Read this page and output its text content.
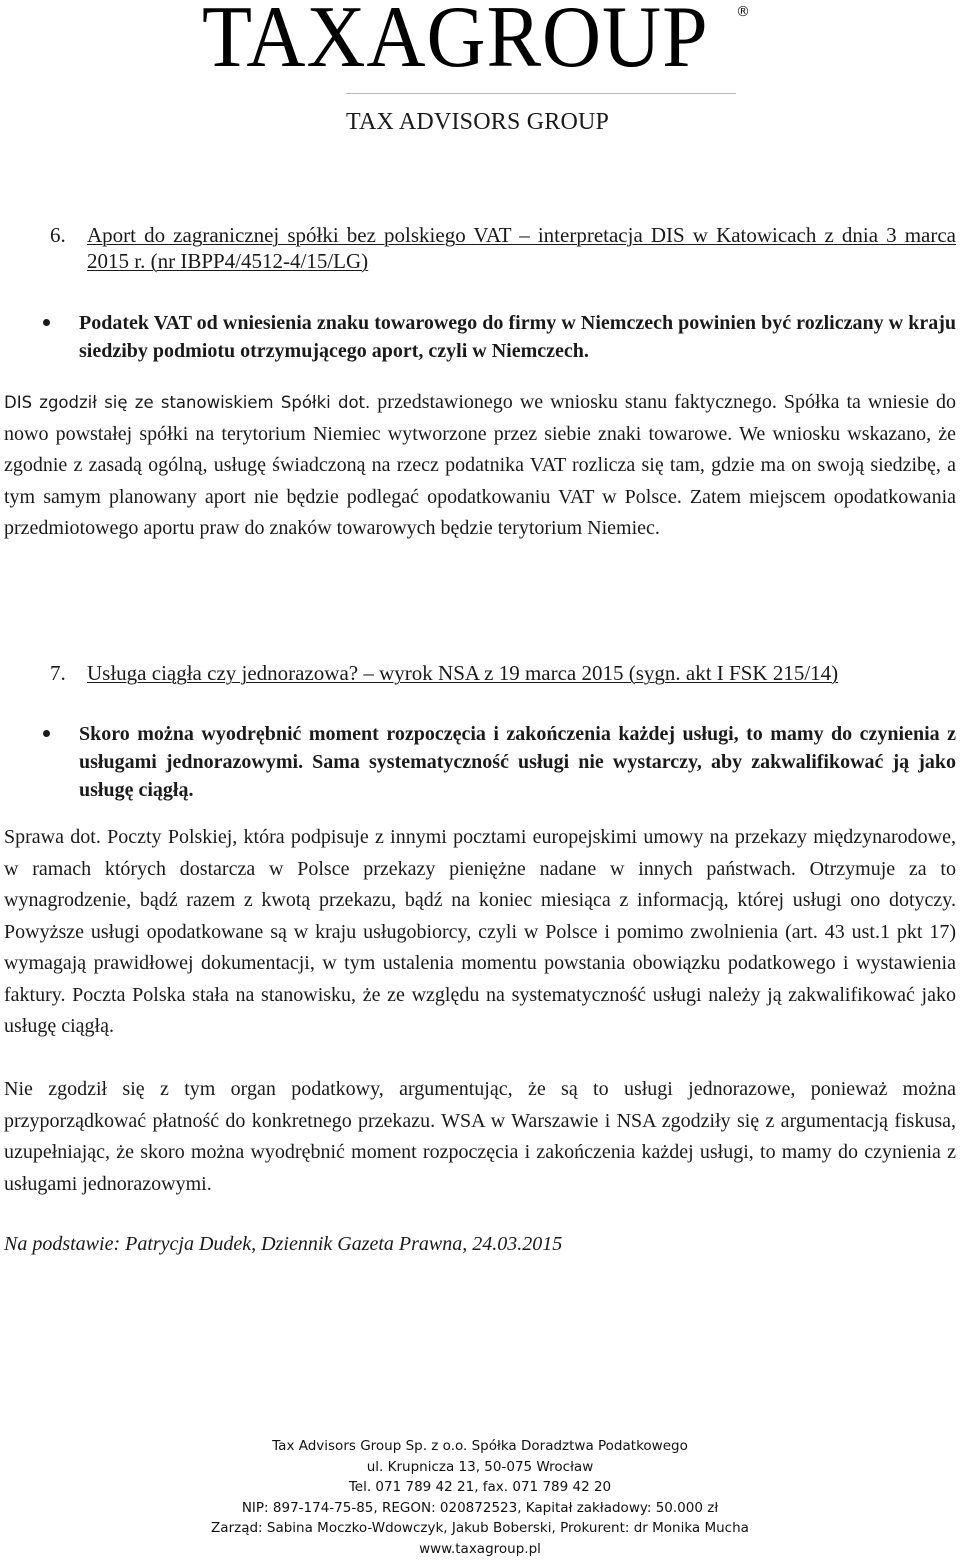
TAXAGROUP ®
TAX ADVISORS GROUP
6. Aport do zagranicznej spółki bez polskiego VAT – interpretacja DIS w Katowicach z dnia 3 marca 2015 r. (nr IBPP4/4512-4/15/LG)
Podatek VAT od wniesienia znaku towarowego do firmy w Niemczech powinien być rozliczany w kraju siedziby podmiotu otrzymującego aport, czyli w Niemczech.

DIS zgodził się ze stanowiskiem Spółki dot. przedstawionego we wniosku stanu faktycznego. Spółka ta wniesie do nowo powstałej spółki na terytorium Niemiec wytworzone przez siebie znaki towarowe. We wniosku wskazano, że zgodnie z zasadą ogólną, usługę świadczoną na rzecz podatnika VAT rozlicza się tam, gdzie ma on swoją siedzibę, a tym samym planowany aport nie będzie podlegać opodatkowaniu VAT w Polsce. Zatem miejscem opodatkowania przedmiotowego aportu praw do znaków towarowych będzie terytorium Niemiec.

7. Usługa ciągła czy jednorazowa? – wyrok NSA z 19 marca 2015 (sygn. akt I FSK 215/14)
Skoro można wyodrębnić moment rozpoczęcia i zakończenia każdej usługi, to mamy do czynienia z usługami jednorazowymi. Sama systematyczność usługi nie wystarczy, aby zakwalifikować ją jako usługę ciągłą.

Sprawa dot. Poczty Polskiej, która podpisuje z innymi pocztami europejskimi umowy na przekazy międzynarodowe, w ramach których dostarcza w Polsce przekazy pieniężne nadane w innych państwach. Otrzymuje za to wynagrodzenie, bądź razem z kwotą przekazu, bądź na koniec miesiąca z informacją, której usługi ono dotyczy. Powyższe usługi opodatkowane są w kraju usługobiorcy, czyli w Polsce i pomimo zwolnienia (art. 43 ust.1 pkt 17) wymagają prawidłowej dokumentacji, w tym ustalenia momentu powstania obowiązku podatkowego i wystawienia faktury. Poczta Polska stała na stanowisku, że ze względu na systematyczność usługi należy ją zakwalifikować jako usługę ciągłą.

Nie zgodził się z tym organ podatkowy, argumentując, że są to usługi jednorazowe, ponieważ można przyporządkować płatność do konkretnego przekazu. WSA w Warszawie i NSA zgodziły się z argumentacją fiskusa, uzupełniając, że skoro można wyodrębnić moment rozpoczęcia i zakończenia każdej usługi, to mamy do czynienia z usługami jednorazowymi.

Na podstawie: Patrycja Dudek, Dziennik Gazeta Prawna, 24.03.2015
Tax Advisors Group Sp. z o.o. Spółka Doradztwa Podatkowego
ul. Krupnicza 13, 50-075 Wrocław
Tel. 071 789 42 21, fax. 071 789 42 20
NIP: 897-174-75-85, REGON: 020872523, Kapitał zakładowy: 50.000 zł
Zarząd: Sabina Moczko-Wdowczyk, Jakub Boberski, Prokurent: dr Monika Mucha
www.taxagroup.pl
